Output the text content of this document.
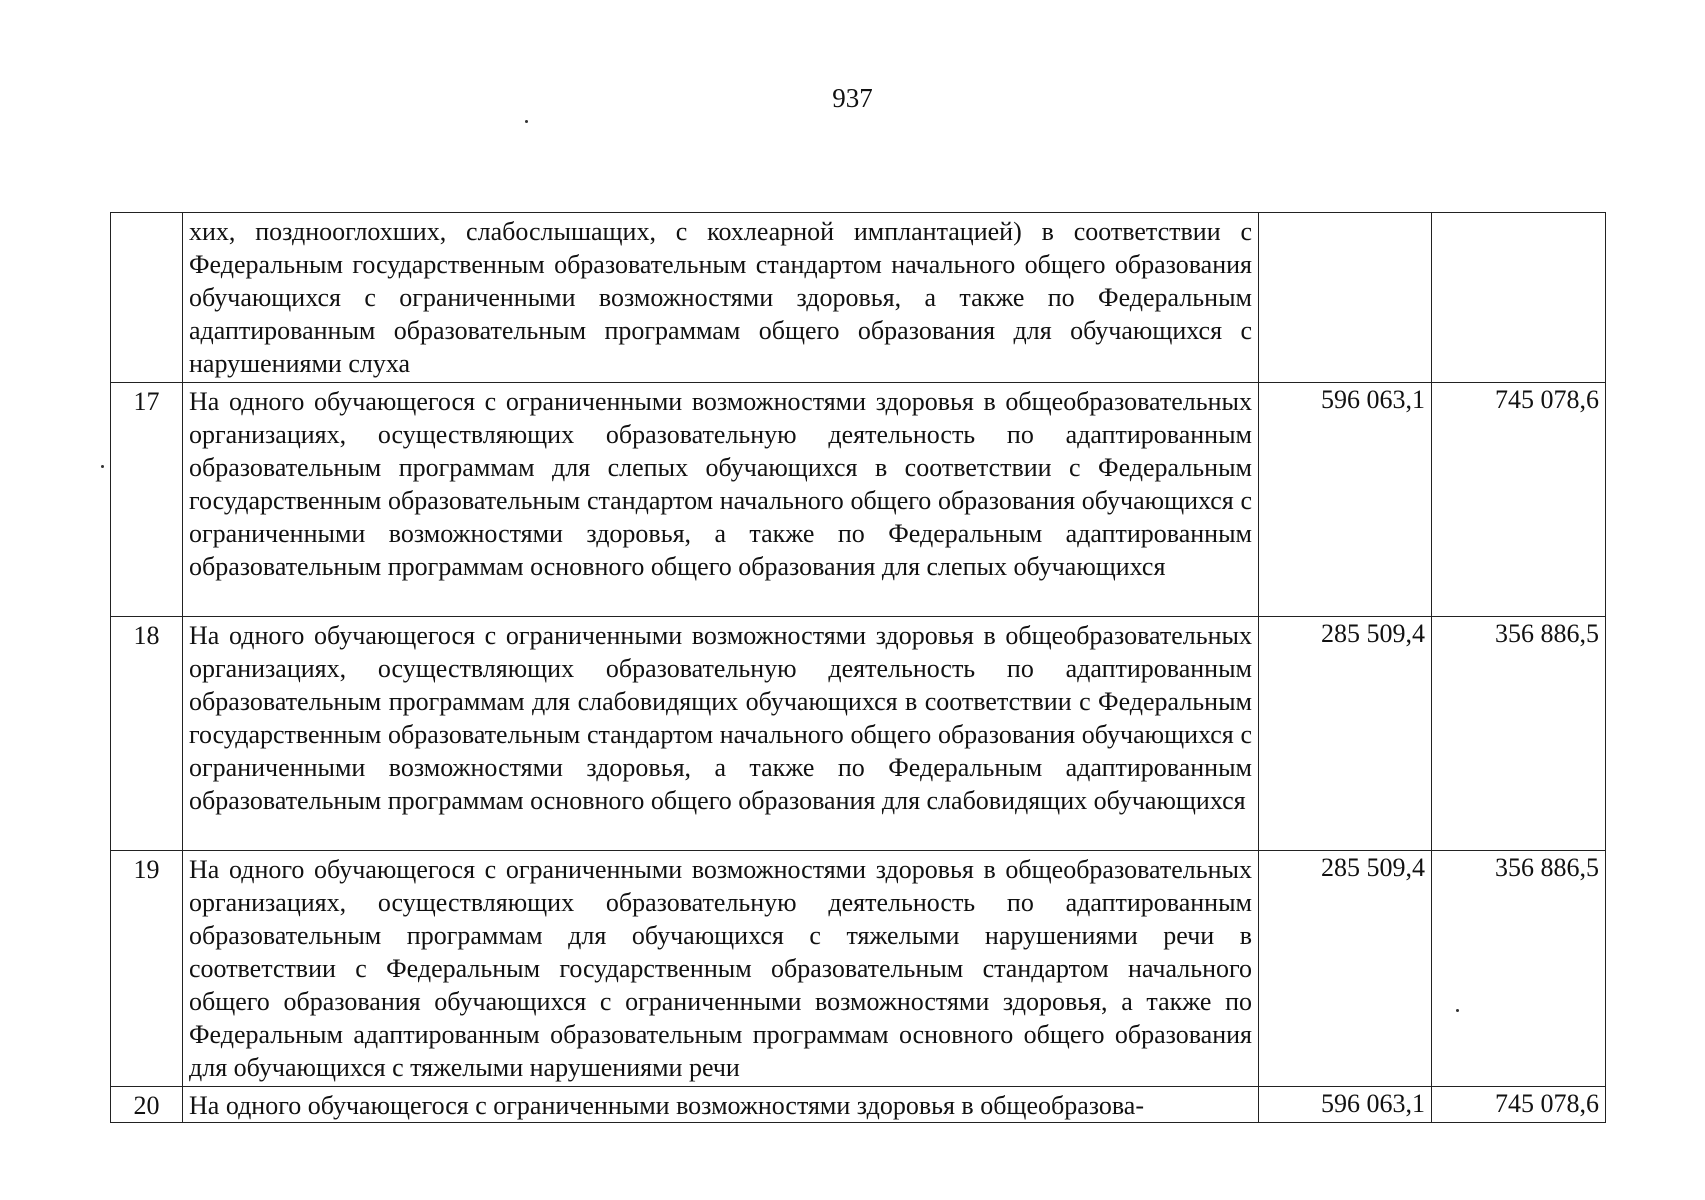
937

	хих, позднооглохших, слабослышащих, с кохлеарной имплантацией) в соответствии с Федеральным государственным образовательным стандартом начального общего образования обучающихся с ограниченными возможностями здоровья, а также по Федеральным адаптированным образовательным программам общего образования для обучающихся с нарушениями слуха		

17	На одного обучающегося с ограниченными возможностями здоровья в общеобразовательных организациях, осуществляющих образовательную деятельность по адаптированным образовательным программам для слепых обучающихся в соответствии с Федеральным государственным образовательным стандартом начального общего образования обучающихся с ограниченными возможностями здоровья, а также по Федеральным адаптированным образовательным программам основного общего образования для слепых обучающихся	596 063,1	745 078,6
18	На одного обучающегося с ограниченными возможностями здоровья в общеобразовательных организациях, осуществляющих образовательную деятельность по адаптированным образовательным программам для слабовидящих обучающихся в соответствии с Федеральным государственным образовательным стандартом начального общего образования обучающихся с ограниченными возможностями здоровья, а также по Федеральным адаптированным образовательным программам основного общего образования для слабовидящих обучающихся	285 509,4	356 886,5
19	На одного обучающегося с ограниченными возможностями здоровья в общеобразовательных организациях, осуществляющих образовательную деятельность по адаптированным образовательным программам для обучающихся с тяжелыми нарушениями речи в соответствии с Федеральным государственным образовательным стандартом начального общего образования обучающихся с ограниченными возможностями здоровья, а также по Федеральным адаптированным образовательным программам основного общего образования для обучающихся с тяжелыми нарушениями речи	285 509,4	356 886,5
20	На одного обучающегося с ограниченными возможностями здоровья в общеобразова-	596 063,1	745 078,6
